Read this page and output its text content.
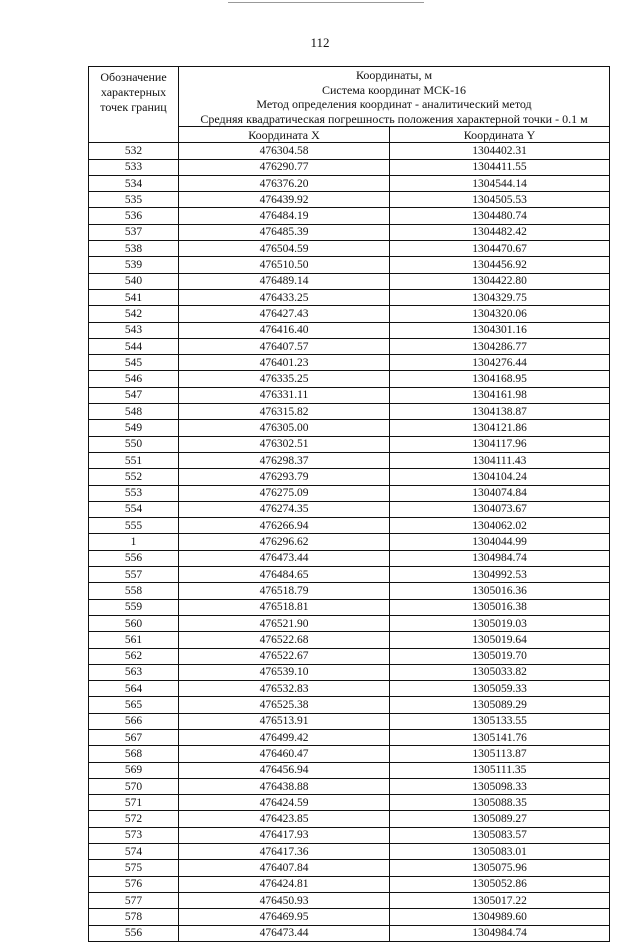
112
Обозначение
характерных
точек границ	Координаты, м
Система координат МСК-16
Метод определения координат - аналитический метод
Средняя квадратическая погрешность положения характерной точки - 0.1 м	

	Координата X	Координата Y
532	476304.58	1304402.31
533	476290.77	1304411.55
534	476376.20	1304544.14
535	476439.92	1304505.53
536	476484.19	1304480.74
537	476485.39	1304482.42
538	476504.59	1304470.67
539	476510.50	1304456.92
540	476489.14	1304422.80
541	476433.25	1304329.75
542	476427.43	1304320.06
543	476416.40	1304301.16
544	476407.57	1304286.77
545	476401.23	1304276.44
546	476335.25	1304168.95
547	476331.11	1304161.98
548	476315.82	1304138.87
549	476305.00	1304121.86
550	476302.51	1304117.96
551	476298.37	1304111.43
552	476293.79	1304104.24
553	476275.09	1304074.84
554	476274.35	1304073.67
555	476266.94	1304062.02
1	476296.62	1304044.99
556	476473.44	1304984.74
557	476484.65	1304992.53
558	476518.79	1305016.36
559	476518.81	1305016.38
560	476521.90	1305019.03
561	476522.68	1305019.64
562	476522.67	1305019.70
563	476539.10	1305033.82
564	476532.83	1305059.33
565	476525.38	1305089.29
566	476513.91	1305133.55
567	476499.42	1305141.76
568	476460.47	1305113.87
569	476456.94	1305111.35
570	476438.88	1305098.33
571	476424.59	1305088.35
572	476423.85	1305089.27
573	476417.93	1305083.57
574	476417.36	1305083.01
575	476407.84	1305075.96
576	476424.81	1305052.86
577	476450.93	1305017.22
578	476469.95	1304989.60
556	476473.44	1304984.74
